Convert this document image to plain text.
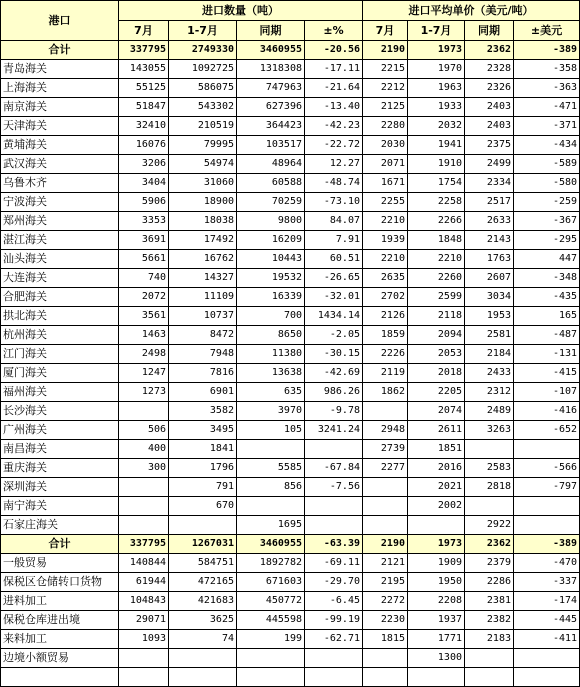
港口	进口数量（吨）				进口平均单价（美元/吨）			
	7月	1-7月	同期	±%	7月	1-7月	同期	±美元
合计	337795	2749330	3460955	-20.56	2190	1973	2362	-389
青岛海关	143055	1092725	1318308	-17.11	2215	1970	2328	-358
上海海关	55125	586075	747963	-21.64	2212	1963	2326	-363
南京海关	51847	543302	627396	-13.40	2125	1933	2403	-471
天津海关	32410	210519	364423	-42.23	2280	2032	2403	-371
黄埔海关	16076	79995	103517	-22.72	2030	1941	2375	-434
武汉海关	3206	54974	48964	12.27	2071	1910	2499	-589
乌鲁木齐	3404	31060	60588	-48.74	1671	1754	2334	-580
宁波海关	5906	18900	70259	-73.10	2255	2258	2517	-259
郑州海关	3353	18038	9800	84.07	2210	2266	2633	-367
湛江海关	3691	17492	16209	7.91	1939	1848	2143	-295
汕头海关	5661	16762	10443	60.51	2210	2210	1763	447
大连海关	740	14327	19532	-26.65	2635	2260	2607	-348
合肥海关	2072	11109	16339	-32.01	2702	2599	3034	-435
拱北海关	3561	10737	700	1434.14	2126	2118	1953	165
杭州海关	1463	8472	8650	-2.05	1859	2094	2581	-487
江门海关	2498	7948	11380	-30.15	2226	2053	2184	-131
厦门海关	1247	7816	13638	-42.69	2119	2018	2433	-415
福州海关	1273	6901	635	986.26	1862	2205	2312	-107
长沙海关		3582	3970	-9.78		2074	2489	-416
广州海关	506	3495	105	3241.24	2948	2611	3263	-652
南昌海关	400	1841			2739	1851		
重庆海关	300	1796	5585	-67.84	2277	2016	2583	-566
深圳海关		791	856	-7.56		2021	2818	-797
南宁海关		670				2002		
石家庄海关			1695				2922	
合计	337795	1267031	3460955	-63.39	2190	1973	2362	-389
一般贸易	140844	584751	1892782	-69.11	2121	1909	2379	-470
保税区仓储转口货物	61944	472165	671603	-29.70	2195	1950	2286	-337
进料加工	104843	421683	450772	-6.45	2272	2208	2381	-174
保税仓库进出境	29071	3625	445598	-99.19	2230	1937	2382	-445
来料加工	1093	74	199	-62.71	1815	1771	2183	-411
边境小额贸易						1300		
